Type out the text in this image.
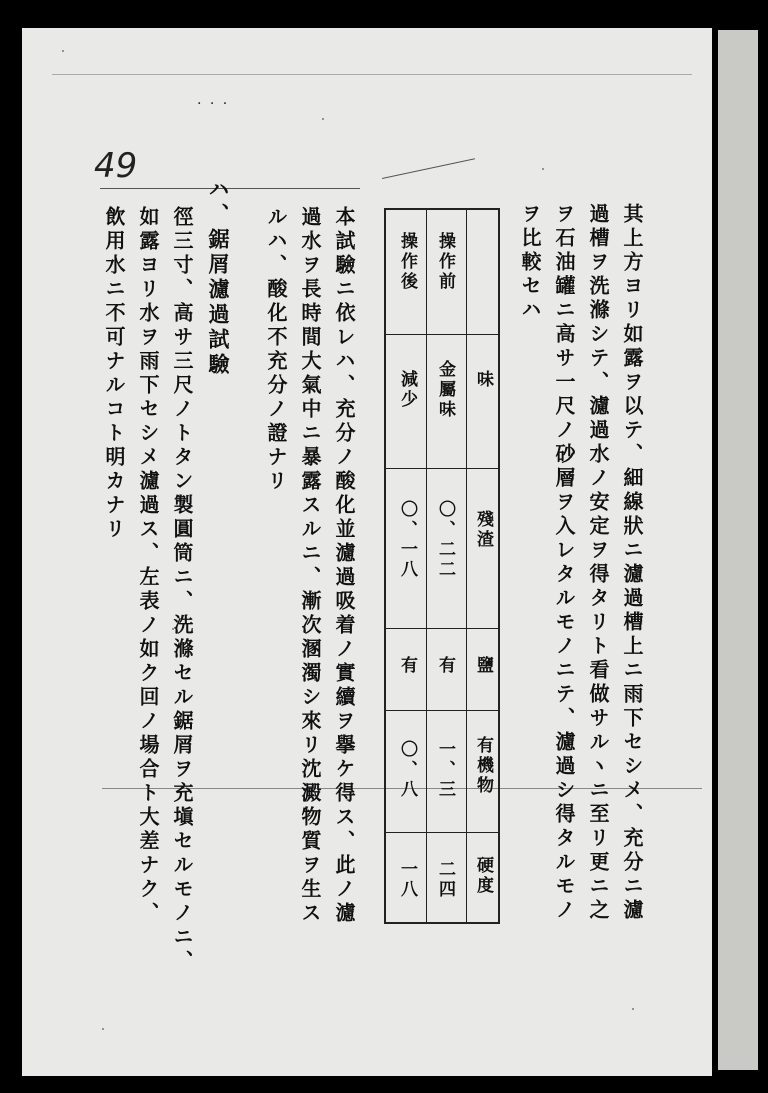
. . .
49
其上方ヨリ如露ヲ以テ、細線狀ニ濾過槽上ニ雨下セシメ、充分ニ濾
過槽ヲ洗滌シテ、濾過水ノ安定ヲ得タリト看做サルヽニ至リ更ニ之
ヲ石油罐ニ高サ一尺ノ砂層ヲ入レタルモノニテ、濾過シ得タルモノ
ヲ比較セハ
味
殘渣
鹽
有機物
硬度
操作前
金屬味
〇、二二
有
一、三
二四
操作後
減少
〇、一八
有
〇、八
一八
本試驗ニ依レハ、充分ノ酸化並濾過吸着ノ實續ヲ擧ケ得ス、此ノ濾
過水ヲ長時間大氣中ニ暴露スルニ、漸次溷濁シ來リ沈澱物質ヲ生ス
ルハ、酸化不充分ノ證ナリ
ハ、鋸屑濾過試驗
徑三寸、高サ三尺ノトタン製圓筒ニ、洗滌セル鋸屑ヲ充塡セルモノニ、
如露ヨリ水ヲ雨下セシメ濾過ス、左表ノ如ク回ノ場合ト大差ナク、
飲用水ニ不可ナルコト明カナリ
